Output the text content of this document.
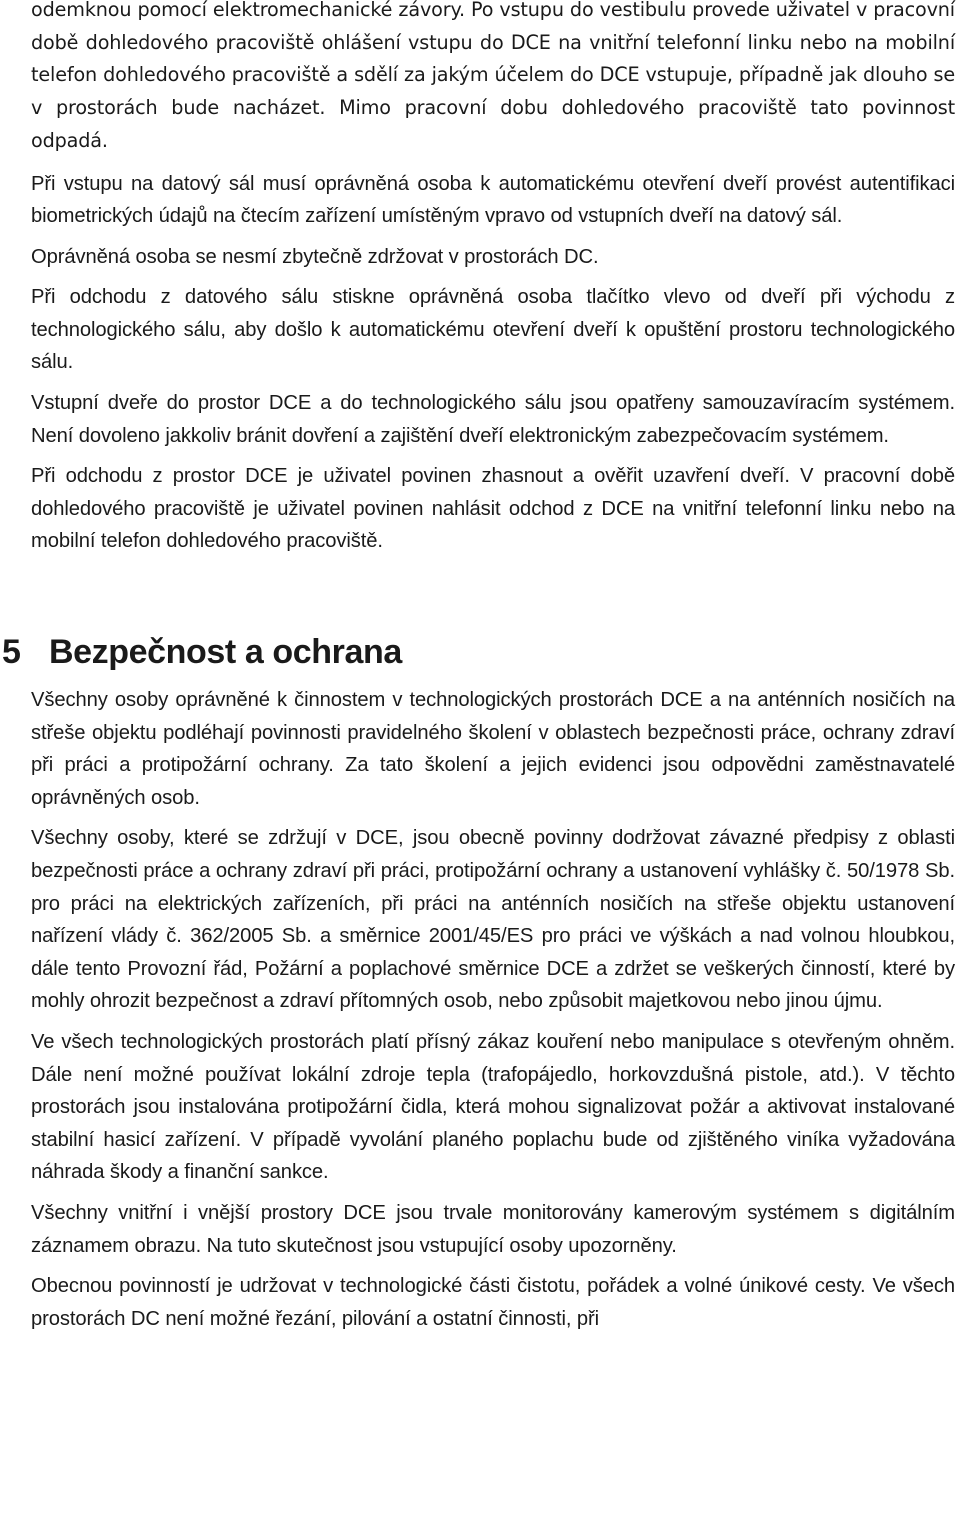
odemknou pomocí elektromechanické závory. Po vstupu do vestibulu provede uživatel v pracovní době dohledového pracoviště ohlášení vstupu do DCE na vnitřní telefonní linku nebo na mobilní telefon dohledového pracoviště a sdělí za jakým účelem do DCE vstupuje, případně jak dlouho se v prostorách bude nacházet. Mimo pracovní dobu dohledového pracoviště tato povinnost odpadá.

Při vstupu na datový sál musí oprávněná osoba k automatickému otevření dveří provést autentifikaci biometrických údajů na čtecím zařízení umístěným vpravo od vstupních dveří na datový sál.

Oprávněná osoba se nesmí zbytečně zdržovat v prostorách DC.

Při odchodu z datového sálu stiskne oprávněná osoba tlačítko vlevo od dveří při východu z technologického sálu, aby došlo k automatickému otevření dveří k opuštění prostoru technologického sálu.

Vstupní dveře do prostor DCE a do technologického sálu jsou opatřeny samouzavíracím systémem. Není dovoleno jakkoliv bránit dovření a zajištění dveří elektronickým zabezpečovacím systémem.

Při odchodu z prostor DCE je uživatel povinen zhasnout a ověřit uzavření dveří. V pracovní době dohledového pracoviště je uživatel povinen nahlásit odchod z DCE na vnitřní telefonní linku nebo na mobilní telefon dohledového pracoviště.

5 Bezpečnost a ochrana

Všechny osoby oprávněné k činnostem v technologických prostorách DCE a na anténních nosičích na střeše objektu podléhají povinnosti pravidelného školení v oblastech bezpečnosti práce, ochrany zdraví při práci a protipožární ochrany. Za tato školení a jejich evidenci jsou odpovědni zaměstnavatelé oprávněných osob.

Všechny osoby, které se zdržují v DCE, jsou obecně povinny dodržovat závazné předpisy z oblasti bezpečnosti práce a ochrany zdraví při práci, protipožární ochrany a ustanovení vyhlášky č. 50/1978 Sb. pro práci na elektrických zařízeních, při práci na anténních nosičích na střeše objektu ustanovení nařízení vlády č. 362/2005 Sb. a směrnice 2001/45/ES pro práci ve výškách a nad volnou hloubkou, dále tento Provozní řád, Požární a poplachové směrnice DCE a zdržet se veškerých činností, které by mohly ohrozit bezpečnost a zdraví přítomných osob, nebo způsobit majetkovou nebo jinou újmu.

Ve všech technologických prostorách platí přísný zákaz kouření nebo manipulace s otevřeným ohněm. Dále není možné používat lokální zdroje tepla (trafopájedlo, horkovzdušná pistole, atd.). V těchto prostorách jsou instalována protipožární čidla, která mohou signalizovat požár a aktivovat instalované stabilní hasicí zařízení. V případě vyvolání planého poplachu bude od zjištěného viníka vyžadována náhrada škody a finanční sankce.

Všechny vnitřní i vnější prostory DCE jsou trvale monitorovány kamerovým systémem s digitálním záznamem obrazu. Na tuto skutečnost jsou vstupující osoby upozorněny.

Obecnou povinností je udržovat v technologické části čistotu, pořádek a volné únikové cesty. Ve všech prostorách DC není možné řezání, pilování a ostatní činnosti, při
